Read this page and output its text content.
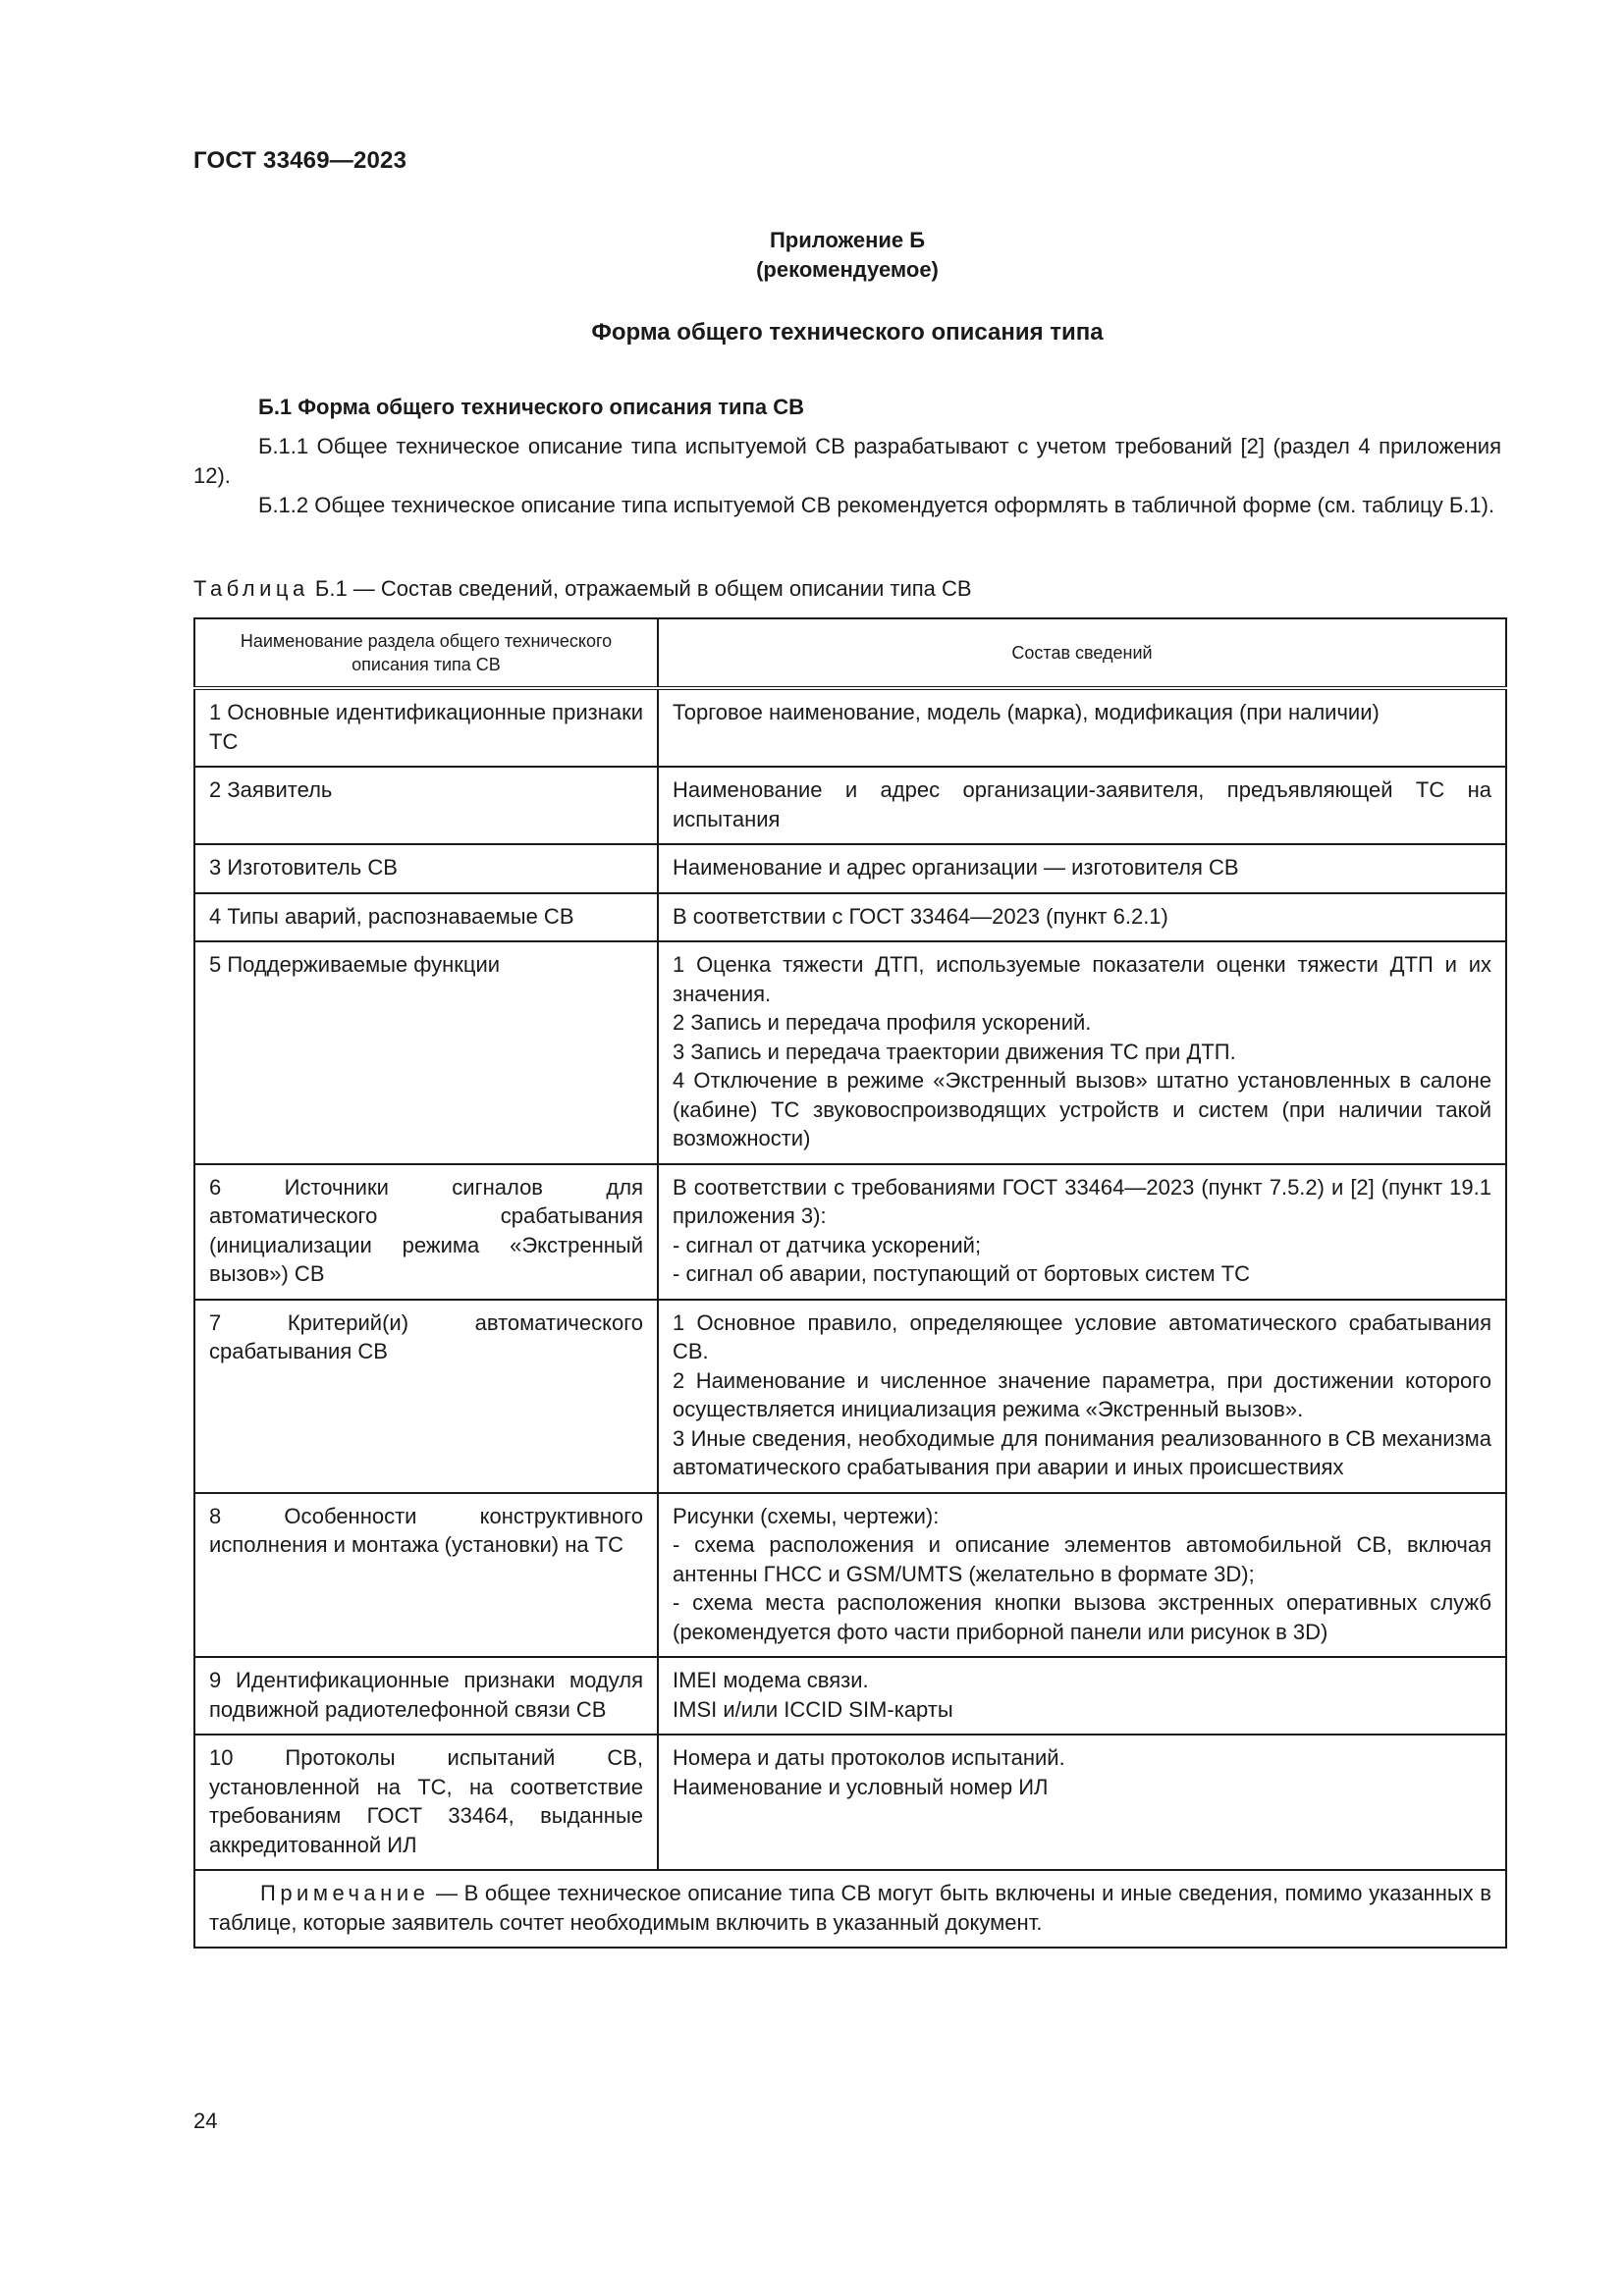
ГОСТ 33469—2023
Приложение Б
(рекомендуемое)
Форма общего технического описания типа
Б.1 Форма общего технического описания типа СВ
Б.1.1 Общее техническое описание типа испытуемой СВ разрабатывают с учетом требований [2] (раздел 4 приложения 12).
Б.1.2 Общее техническое описание типа испытуемой СВ рекомендуется оформлять в табличной форме (см. таблицу Б.1).
Таблица Б.1 — Состав сведений, отражаемый в общем описании типа СВ
Наименование раздела общего технического описания типа СВ	Состав сведений
1 Основные идентификационные признаки ТС	Торговое наименование, модель (марка), модификация (при наличии)

2 Заявитель	Наименование и адрес организации-заявителя, предъявляющей ТС на испытания

3 Изготовитель СВ	Наименование и адрес организации — изготовителя СВ

4 Типы аварий, распознаваемые СВ	В соответствии с ГОСТ 33464—2023 (пункт 6.2.1)

5 Поддерживаемые функции	1 Оценка тяжести ДТП, используемые показатели оценки тяжести ДТП и их значения.
2 Запись и передача профиля ускорений.
3 Запись и передача траектории движения ТС при ДТП.
4 Отключение в режиме «Экстренный вызов» штатно установленных в салоне (кабине) ТС звуковоспроизводящих устройств и систем (при наличии такой возможности)

6 Источники сигналов для автоматического срабатывания (инициализации режима «Экстренный вызов») СВ	В соответствии с требованиями ГОСТ 33464—2023 (пункт 7.5.2) и [2] (пункт 19.1 приложения 3):
- сигнал от датчика ускорений;
- сигнал об аварии, поступающий от бортовых систем ТС

7 Критерий(и) автоматического срабатывания СВ	1 Основное правило, определяющее условие автоматического срабатывания СВ.
2 Наименование и численное значение параметра, при достижении которого осуществляется инициализация режима «Экстренный вызов».
3 Иные сведения, необходимые для понимания реализованного в СВ механизма автоматического срабатывания при аварии и иных происшествиях

8 Особенности конструктивного исполнения и монтажа (установки) на ТС	Рисунки (схемы, чертежи):
- схема расположения и описание элементов автомобильной СВ, включая антенны ГНСС и GSM/UMTS (желательно в формате 3D);
- схема места расположения кнопки вызова экстренных оперативных служб (рекомендуется фото части приборной панели или рисунок в 3D)

9 Идентификационные признаки модуля подвижной радиотелефонной связи СВ	IMEI модема связи.
IMSI и/или ICCID SIM-карты

10 Протоколы испытаний СВ, установленной на ТС, на соответствие требованиям ГОСТ 33464, выданные аккредитованной ИЛ	Номера и даты протоколов испытаний.
Наименование и условный номер ИЛ

Примечание — В общее техническое описание типа СВ могут быть включены и иные сведения, помимо указанных в таблице, которые заявитель сочтет необходимым включить в указанный документ.	
24
